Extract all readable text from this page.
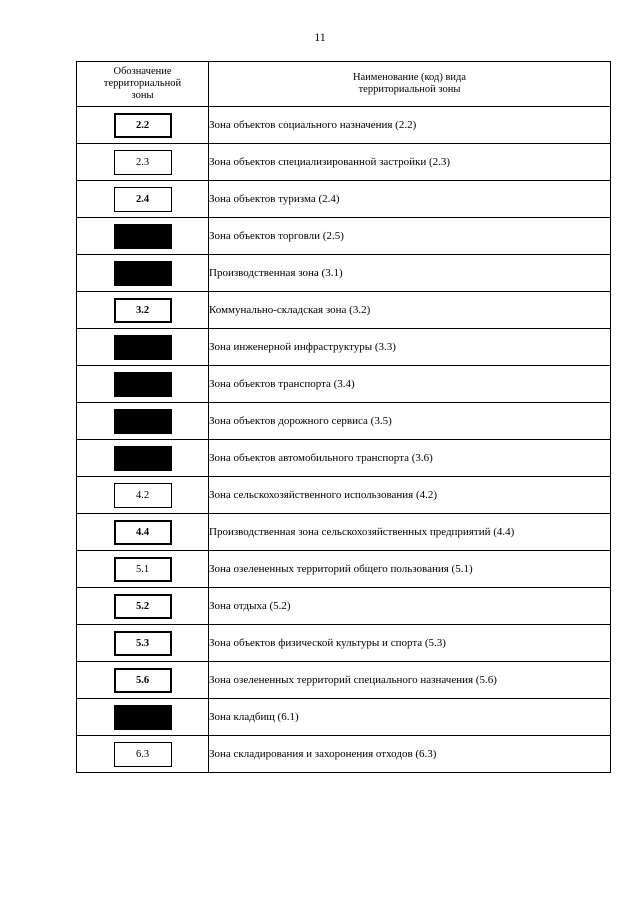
11
Обозначение
территориальной
зоны	Наименование (код) вида
территориальной зоны
2.2	Зона объектов социального назначения (2.2)
2.3	Зона объектов специализированной застройки (2.3)
2.4	Зона объектов туризма (2.4)
	Зона объектов торговли (2.5)
	Производственная зона (3.1)
3.2	Коммунально-складская зона (3.2)
	Зона инженерной инфраструктуры (3.3)
	Зона объектов транспорта (3.4)
	Зона объектов дорожного сервиса (3.5)
	Зона объектов автомобильного транспорта (3.6)
4.2	Зона сельскохозяйственного использования (4.2)
4.4	Производственная зона сельскохозяйственных предприятий (4.4)
5.1	Зона озелененных территорий общего пользования (5.1)
5.2	Зона отдыха (5.2)
5.3	Зона объектов физической культуры и спорта (5.3)
5.6	Зона озелененных территорий специального назначения (5.6)
	Зона кладбищ (6.1)
6.3	Зона складирования и захоронения отходов (6.3)
